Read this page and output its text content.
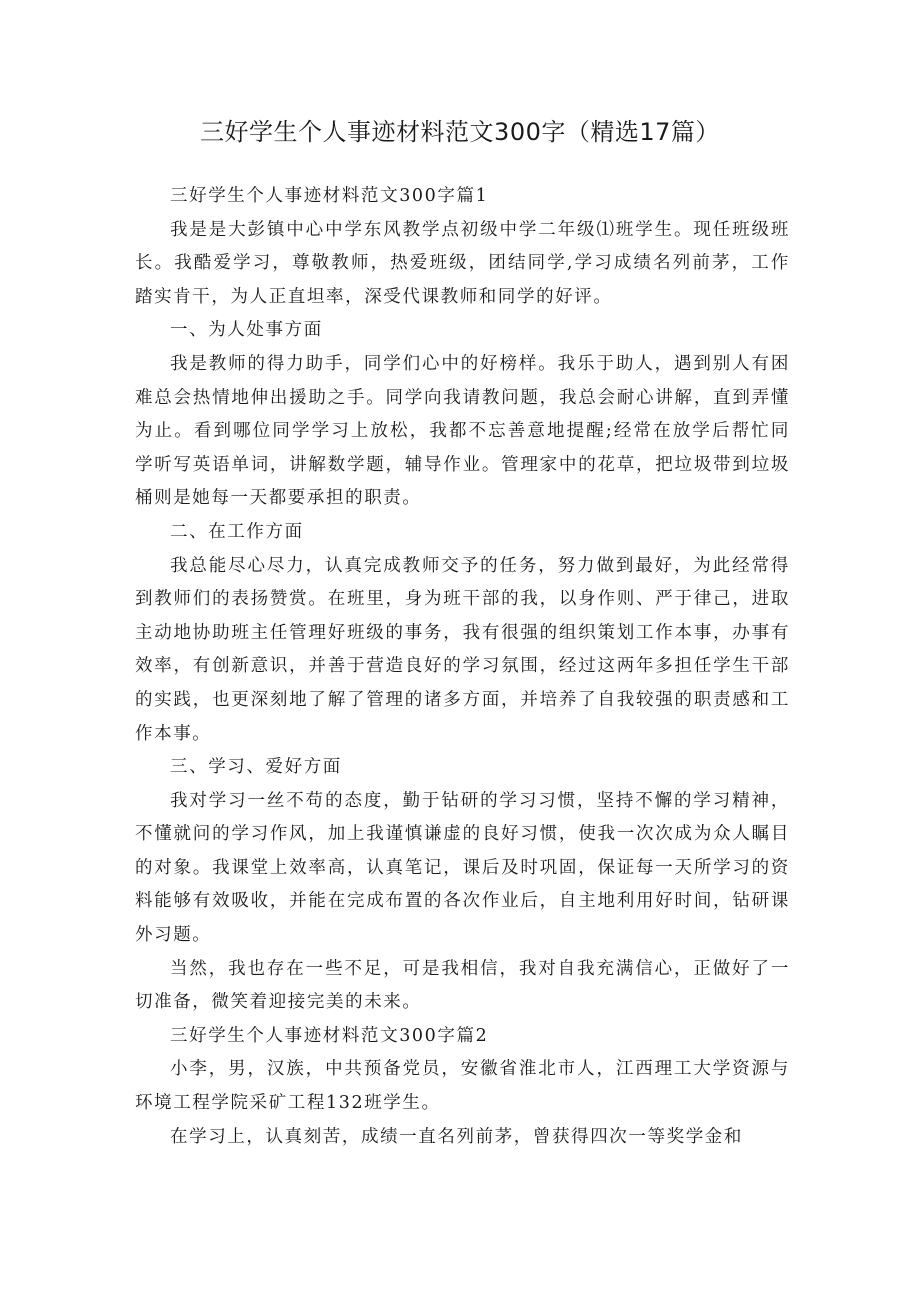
三好学生个人事迹材料范文300字（精选17篇）

三好学生个人事迹材料范文300字篇1

我是是大彭镇中心中学东风教学点初级中学二年级⑴班学生。现任班级班长。我酷爱学习，尊敬教师，热爱班级，团结同学,学习成绩名列前茅，工作踏实肯干，为人正直坦率，深受代课教师和同学的好评。

一、为人处事方面

我是教师的得力助手，同学们心中的好榜样。我乐于助人，遇到别人有困难总会热情地伸出援助之手。同学向我请教问题，我总会耐心讲解，直到弄懂为止。看到哪位同学学习上放松，我都不忘善意地提醒;经常在放学后帮忙同学听写英语单词，讲解数学题，辅导作业。管理家中的花草，把垃圾带到垃圾桶则是她每一天都要承担的职责。

二、在工作方面

我总能尽心尽力，认真完成教师交予的任务，努力做到最好，为此经常得到教师们的表扬赞赏。在班里，身为班干部的我，以身作则、严于律己，进取主动地协助班主任管理好班级的事务，我有很强的组织策划工作本事，办事有效率，有创新意识，并善于营造良好的学习氛围，经过这两年多担任学生干部的实践，也更深刻地了解了管理的诸多方面，并培养了自我较强的职责感和工作本事。

三、学习、爱好方面

我对学习一丝不苟的态度，勤于钻研的学习习惯，坚持不懈的学习精神，不懂就问的学习作风，加上我谨慎谦虚的良好习惯，使我一次次成为众人瞩目的对象。我课堂上效率高，认真笔记，课后及时巩固，保证每一天所学习的资料能够有效吸收，并能在完成布置的各次作业后，自主地利用好时间，钻研课外习题。

当然，我也存在一些不足，可是我相信，我对自我充满信心，正做好了一切准备，微笑着迎接完美的未来。

三好学生个人事迹材料范文300字篇2

小李，男，汉族，中共预备党员，安徽省淮北市人，江西理工大学资源与环境工程学院采矿工程132班学生。

在学习上，认真刻苦，成绩一直名列前茅，曾获得四次一等奖学金和
